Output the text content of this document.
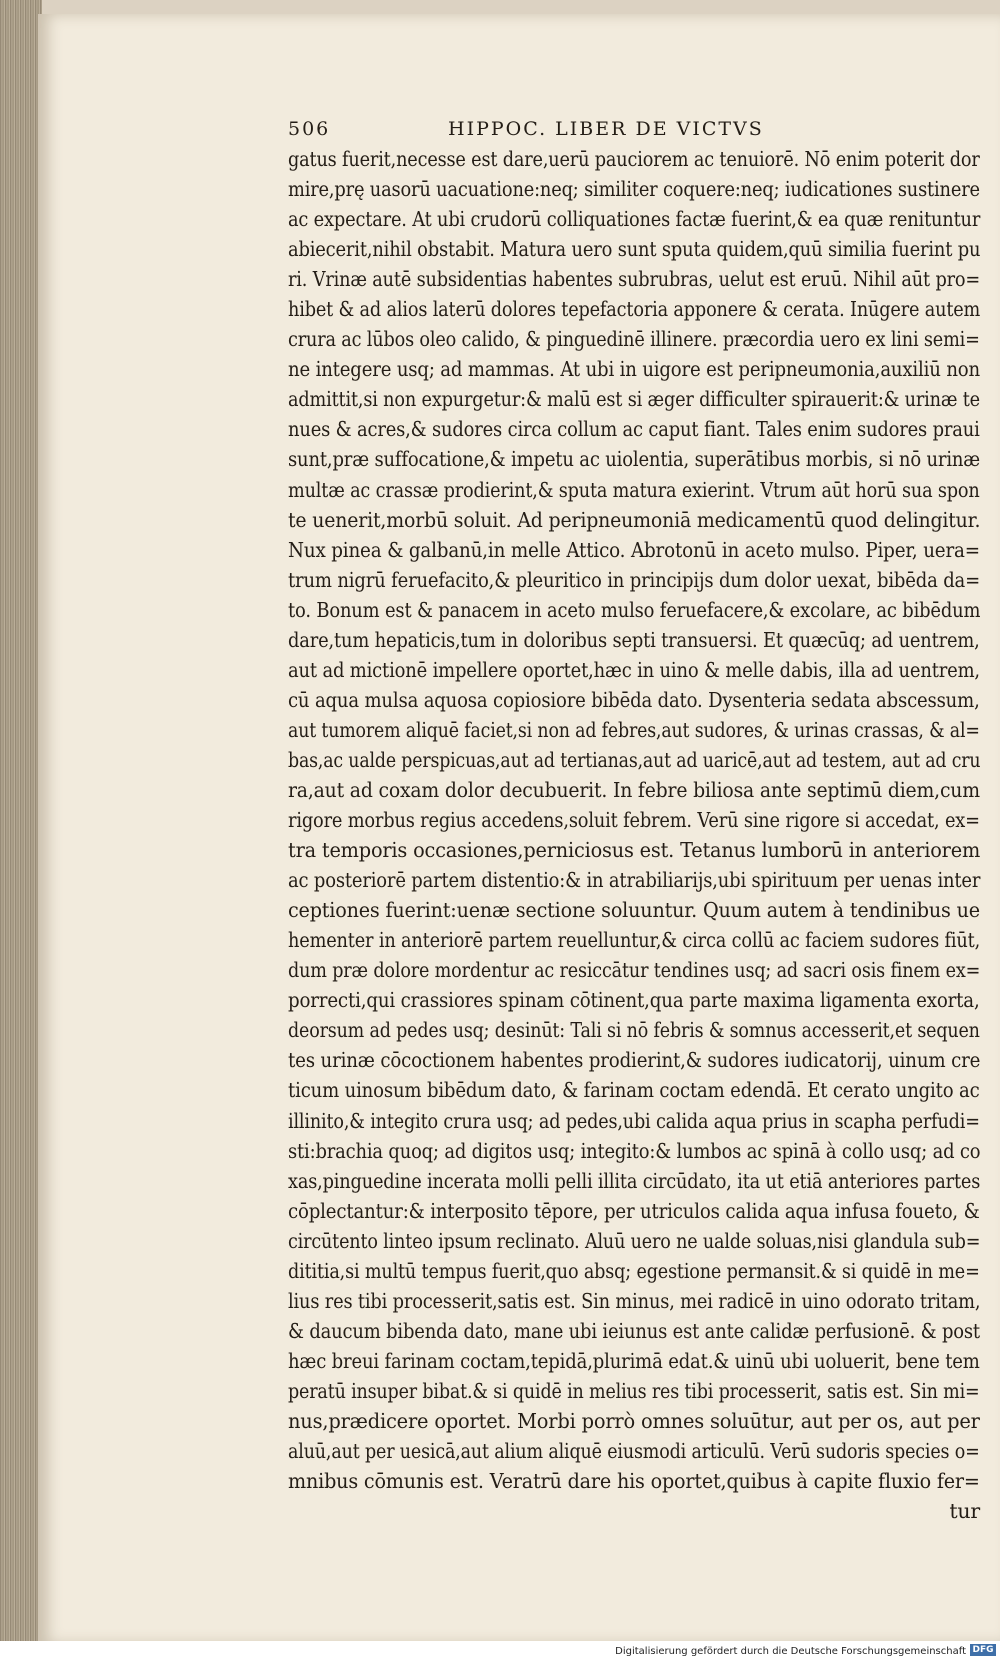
506	HIPPOC. LIBER DE VICTVS
gatus fuerit,necesse est dare,uerū pauciorem ac tenuiorē. Nō enim poterit dor
mire,prę uasorū uacuatione:neq; similiter coquere:neq; iudicationes sustinere
ac expectare. At ubi crudorū colliquationes factæ fuerint,& ea quæ renituntur
abiecerit,nihil obstabit. Matura uero sunt sputa quidem,quū similia fuerint pu
ri. Vrinæ autē subsidentias habentes subrubras, uelut est eruū. Nihil aūt pro=
hibet & ad alios laterū dolores tepefactoria apponere & cerata. Inūgere autem
crura ac lūbos oleo calido, & pinguedinē illinere. præcordia uero ex lini semi=
ne integere usq; ad mammas. At ubi in uigore est peripneumonia,auxiliū non
admittit,si non expurgetur:& malū est si æger difficulter spirauerit:& urinæ te
nues & acres,& sudores circa collum ac caput fiant. Tales enim sudores praui
sunt,præ suffocatione,& impetu ac uiolentia, superātibus morbis, si nō urinæ
multæ ac crassæ prodierint,& sputa matura exierint. Vtrum aūt horū sua spon
te uenerit,morbū soluit. Ad peripneumoniā medicamentū quod delingitur.
Nux pinea & galbanū,in melle Attico. Abrotonū in aceto mulso. Piper, uera=
trum nigrū feruefacito,& pleuritico in principijs dum dolor uexat, bibēda da=
to. Bonum est & panacem in aceto mulso feruefacere,& excolare, ac bibēdum
dare,tum hepaticis,tum in doloribus septi transuersi. Et quæcūq; ad uentrem,
aut ad mictionē impellere oportet,hæc in uino & melle dabis, illa ad uentrem,
cū aqua mulsa aquosa copiosiore bibēda dato. Dysenteria sedata abscessum,
aut tumorem aliquē faciet,si non ad febres,aut sudores, & urinas crassas, & al=
bas,ac ualde perspicuas,aut ad tertianas,aut ad uaricē,aut ad testem, aut ad cru
ra,aut ad coxam dolor decubuerit. In febre biliosa ante septimū diem,cum
rigore morbus regius accedens,soluit febrem. Verū sine rigore si accedat, ex=
tra temporis occasiones,perniciosus est. Tetanus lumborū in anteriorem
ac posteriorē partem distentio:& in atrabiliarijs,ubi spirituum per uenas inter
ceptiones fuerint:uenæ sectione soluuntur. Quum autem à tendinibus ue
hementer in anteriorē partem reuelluntur,& circa collū ac faciem sudores fiūt,
dum præ dolore mordentur ac resiccātur tendines usq; ad sacri osis finem ex=
porrecti,qui crassiores spinam cōtinent,qua parte maxima ligamenta exorta,
deorsum ad pedes usq; desinūt: Tali si nō febris & somnus accesserit,et sequen
tes urinæ cōcoctionem habentes prodierint,& sudores iudicatorij, uinum cre
ticum uinosum bibēdum dato, & farinam coctam edendā. Et cerato ungito ac
illinito,& integito crura usq; ad pedes,ubi calida aqua prius in scapha perfudi=
sti:brachia quoq; ad digitos usq; integito:& lumbos ac spinā à collo usq; ad co
xas,pinguedine incerata molli pelli illita circūdato, ita ut etiā anteriores partes
cōplectantur:& interposito tēpore, per utriculos calida aqua infusa foueto, &
circūtento linteo ipsum reclinato. Aluū uero ne ualde soluas,nisi glandula sub=
dititia,si multū tempus fuerit,quo absq; egestione permansit.& si quidē in me=
lius res tibi processerit,satis est. Sin minus, mei radicē in uino odorato tritam,
& daucum bibenda dato, mane ubi ieiunus est ante calidæ perfusionē. & post
hæc breui farinam coctam,tepidā,plurimā edat.& uinū ubi uoluerit, bene tem
peratū insuper bibat.& si quidē in melius res tibi processerit, satis est. Sin mi=
nus,prædicere oportet. Morbi porrò omnes soluūtur, aut per os, aut per
aluū,aut per uesicā,aut alium aliquē eiusmodi articulū. Verū sudoris species o=
mnibus cōmunis est. Veratrū dare his oportet,quibus à capite fluxio fer=
tur
Digitalisierung gefördert durch die Deutsche Forschungsgemeinschaft DFG
